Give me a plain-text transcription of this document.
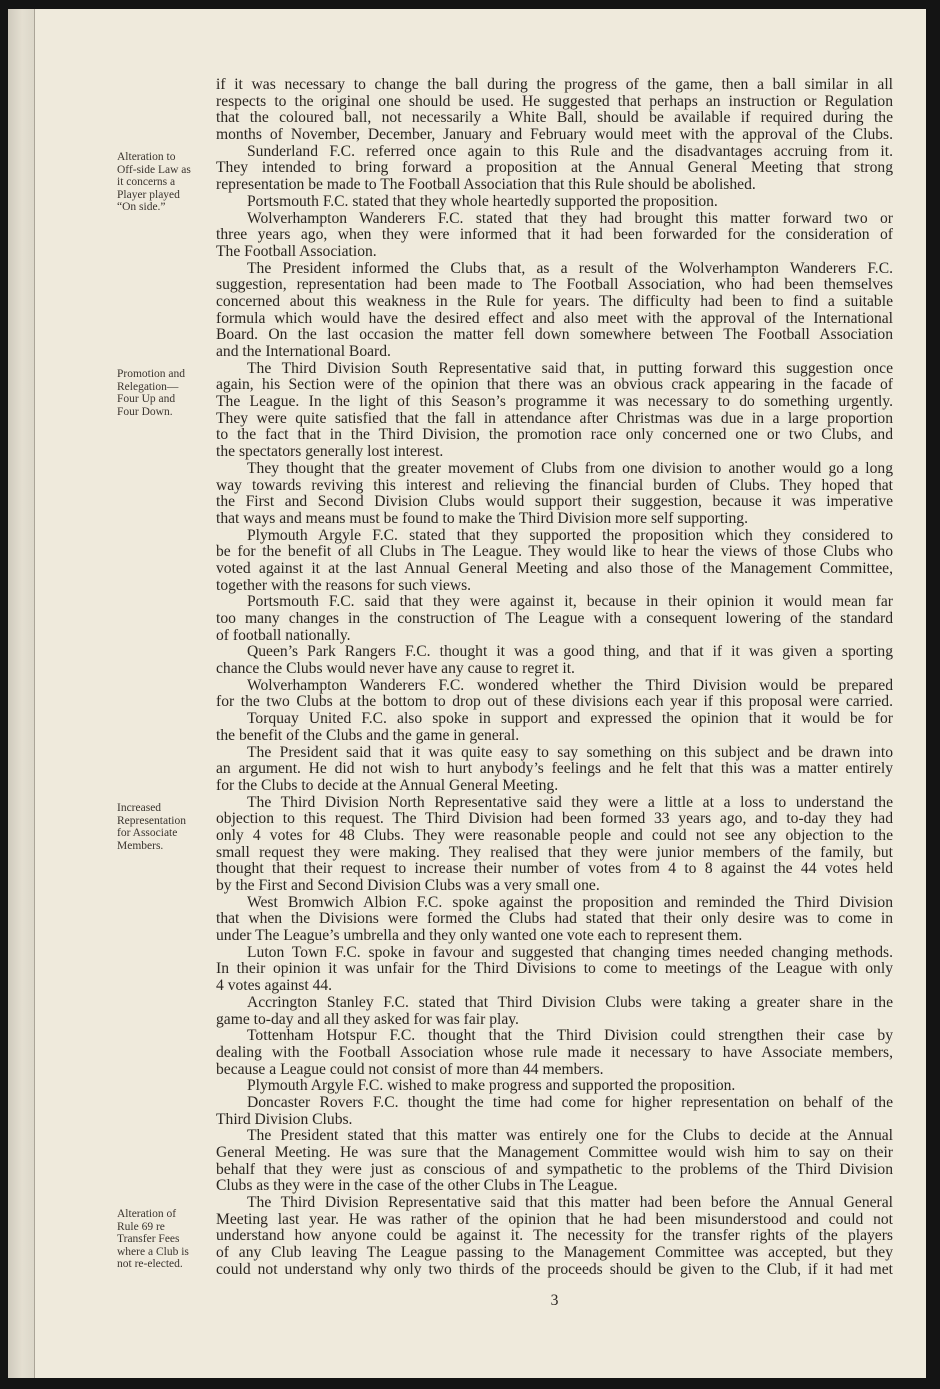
Alteration to
Off-side Law as
it concerns a
Player played
“On side.”
Promotion and
Relegation—
Four Up and
Four Down.
Increased
Representation
for Associate
Members.
Alteration of
Rule 69 re
Transfer Fees
where a Club is
not re-elected.

if it was necessary to change the ball during the progress of the game, then a ball similar in all
respects to the original one should be used. He suggested that perhaps an instruction or Regulation
that the coloured ball, not necessarily a White Ball, should be available if required during the
months of November, December, January and February would meet with the approval of the Clubs.

Sunderland F.C. referred once again to this Rule and the disadvantages accruing from it.
They intended to bring forward a proposition at the Annual General Meeting that strong
representation be made to The Football Association that this Rule should be abolished.

Portsmouth F.C. stated that they whole heartedly supported the proposition.

Wolverhampton Wanderers F.C. stated that they had brought this matter forward two or
three years ago, when they were informed that it had been forwarded for the consideration of
The Football Association.

The President informed the Clubs that, as a result of the Wolverhampton Wanderers F.C.
suggestion, representation had been made to The Football Association, who had been themselves
concerned about this weakness in the Rule for years. The difficulty had been to find a suitable
formula which would have the desired effect and also meet with the approval of the International
Board. On the last occasion the matter fell down somewhere between The Football Association
and the International Board.

The Third Division South Representative said that, in putting forward this suggestion once
again, his Section were of the opinion that there was an obvious crack appearing in the facade of
The League. In the light of this Season’s programme it was necessary to do something urgently.
They were quite satisfied that the fall in attendance after Christmas was due in a large proportion
to the fact that in the Third Division, the promotion race only concerned one or two Clubs, and
the spectators generally lost interest.

They thought that the greater movement of Clubs from one division to another would go a long
way towards reviving this interest and relieving the financial burden of Clubs. They hoped that
the First and Second Division Clubs would support their suggestion, because it was imperative
that ways and means must be found to make the Third Division more self supporting.

Plymouth Argyle F.C. stated that they supported the proposition which they considered to
be for the benefit of all Clubs in The League. They would like to hear the views of those Clubs who
voted against it at the last Annual General Meeting and also those of the Management Committee,
together with the reasons for such views.

Portsmouth F.C. said that they were against it, because in their opinion it would mean far
too many changes in the construction of The League with a consequent lowering of the standard
of football nationally.

Queen’s Park Rangers F.C. thought it was a good thing, and that if it was given a sporting
chance the Clubs would never have any cause to regret it.

Wolverhampton Wanderers F.C. wondered whether the Third Division would be prepared
for the two Clubs at the bottom to drop out of these divisions each year if this proposal were carried.

Torquay United F.C. also spoke in support and expressed the opinion that it would be for
the benefit of the Clubs and the game in general.

The President said that it was quite easy to say something on this subject and be drawn into
an argument. He did not wish to hurt anybody’s feelings and he felt that this was a matter entirely
for the Clubs to decide at the Annual General Meeting.

The Third Division North Representative said they were a little at a loss to understand the
objection to this request. The Third Division had been formed 33 years ago, and to-day they had
only 4 votes for 48 Clubs. They were reasonable people and could not see any objection to the
small request they were making. They realised that they were junior members of the family, but
thought that their request to increase their number of votes from 4 to 8 against the 44 votes held
by the First and Second Division Clubs was a very small one.

West Bromwich Albion F.C. spoke against the proposition and reminded the Third Division
that when the Divisions were formed the Clubs had stated that their only desire was to come in
under The League’s umbrella and they only wanted one vote each to represent them.

Luton Town F.C. spoke in favour and suggested that changing times needed changing methods.
In their opinion it was unfair for the Third Divisions to come to meetings of the League with only
4 votes against 44.

Accrington Stanley F.C. stated that Third Division Clubs were taking a greater share in the
game to-day and all they asked for was fair play.

Tottenham Hotspur F.C. thought that the Third Division could strengthen their case by
dealing with the Football Association whose rule made it necessary to have Associate members,
because a League could not consist of more than 44 members.

Plymouth Argyle F.C. wished to make progress and supported the proposition.

Doncaster Rovers F.C. thought the time had come for higher representation on behalf of the
Third Division Clubs.

The President stated that this matter was entirely one for the Clubs to decide at the Annual
General Meeting. He was sure that the Management Committee would wish him to say on their
behalf that they were just as conscious of and sympathetic to the problems of the Third Division
Clubs as they were in the case of the other Clubs in The League.

The Third Division Representative said that this matter had been before the Annual General
Meeting last year. He was rather of the opinion that he had been misunderstood and could not
understand how anyone could be against it. The necessity for the transfer rights of the players
of any Club leaving The League passing to the Management Committee was accepted, but they
could not understand why only two thirds of the proceeds should be given to the Club, if it had met

3
